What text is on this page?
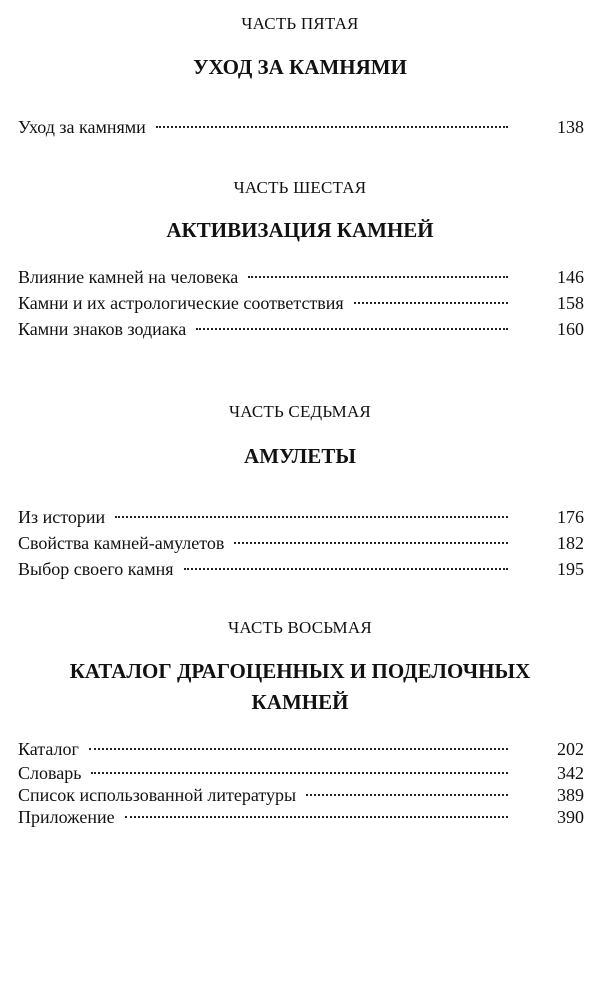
ЧАСТЬ ПЯТАЯ
УХОД ЗА КАМНЯМИ
Уход за камнями	138
ЧАСТЬ ШЕСТАЯ
АКТИВИЗАЦИЯ КАМНЕЙ
Влияние камней на человека	146
Камни и их астрологические соответствия	158
Камни знаков зодиака	160
ЧАСТЬ СЕДЬМАЯ
АМУЛЕТЫ
Из истории	176
Свойства камней-амулетов	182
Выбор своего камня	195
ЧАСТЬ ВОСЬМАЯ
КАТАЛОГ ДРАГОЦЕННЫХ И ПОДЕЛОЧНЫХ
КАМНЕЙ
Каталог	202
Словарь	342
Список использованной литературы	389
Приложение	390
